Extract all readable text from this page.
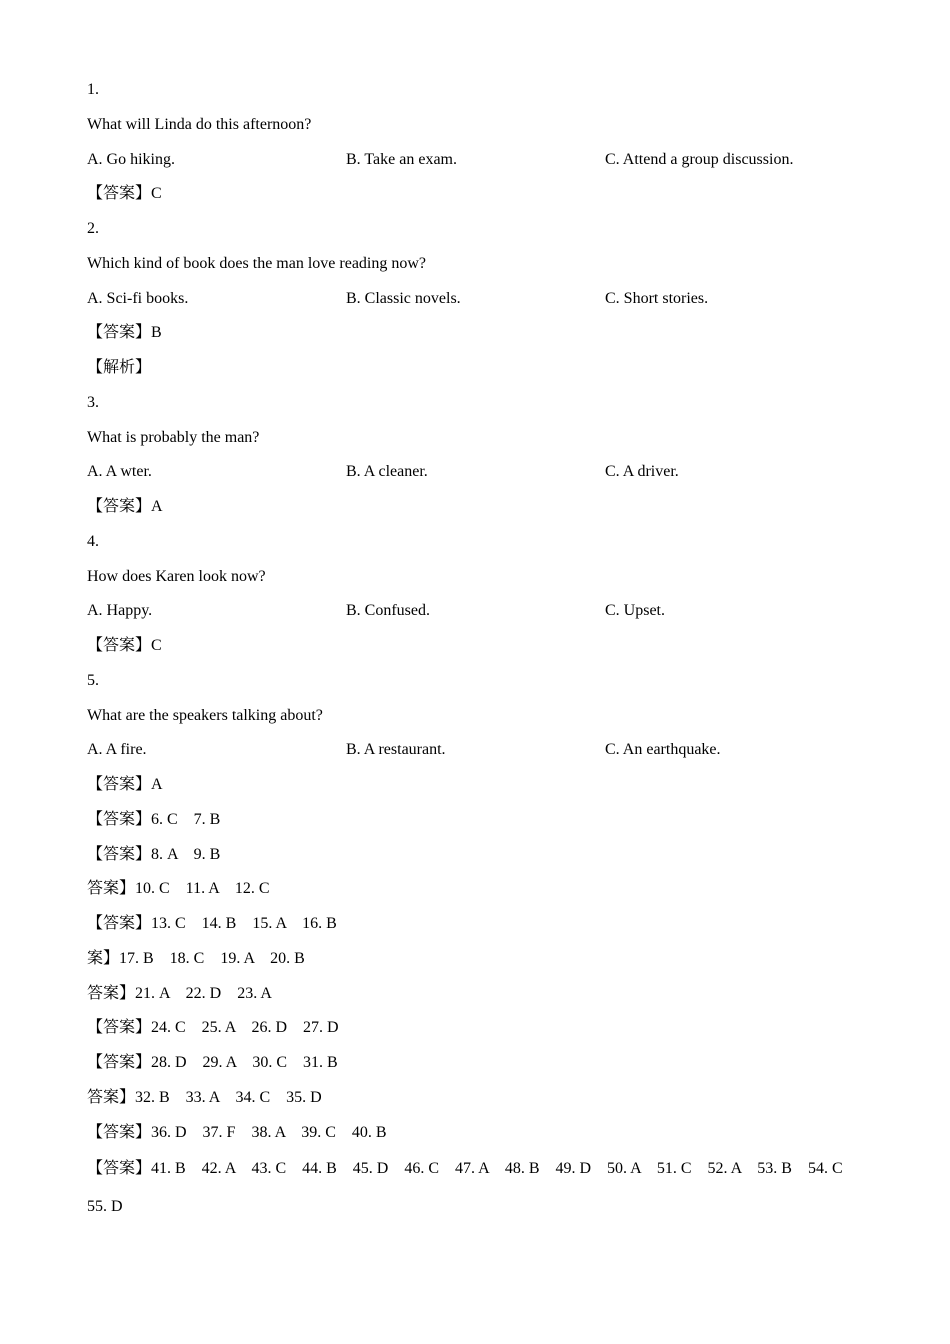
1.
What will Linda do this afternoon?
A. Go hiking.	B. Take an exam.	C. Attend a group discussion.
【答案】C
2.
Which kind of book does the man love reading now?
A. Sci-fi books.	B. Classic novels.	C. Short stories.
【答案】B
【解析】
3.
What is probably the man?
A. A wter.	B. A cleaner.	C. A driver.
【答案】A
4.
How does Karen look now?
A. Happy.	B. Confused.	C. Upset.
【答案】C
5.
What are the speakers talking about?
A. A fire.	B. A restaurant.	C. An earthquake.
【答案】A
【答案】6. C    7. B
【答案】8. A    9. B
答案】10. C    11. A    12. C
【答案】13. C    14. B    15. A    16. B
案】17. B    18. C    19. A    20. B
答案】21. A    22. D    23. A
【答案】24. C    25. A    26. D    27. D
【答案】28. D    29. A    30. C    31. B
答案】32. B    33. A    34. C    35. D
【答案】36. D    37. F    38. A    39. C    40. B
【答案】41. B    42. A    43. C    44. B    45. D    46. C    47. A    48. B    49. D    50. A    51. C    52. A    53. B    54. C    55. D
